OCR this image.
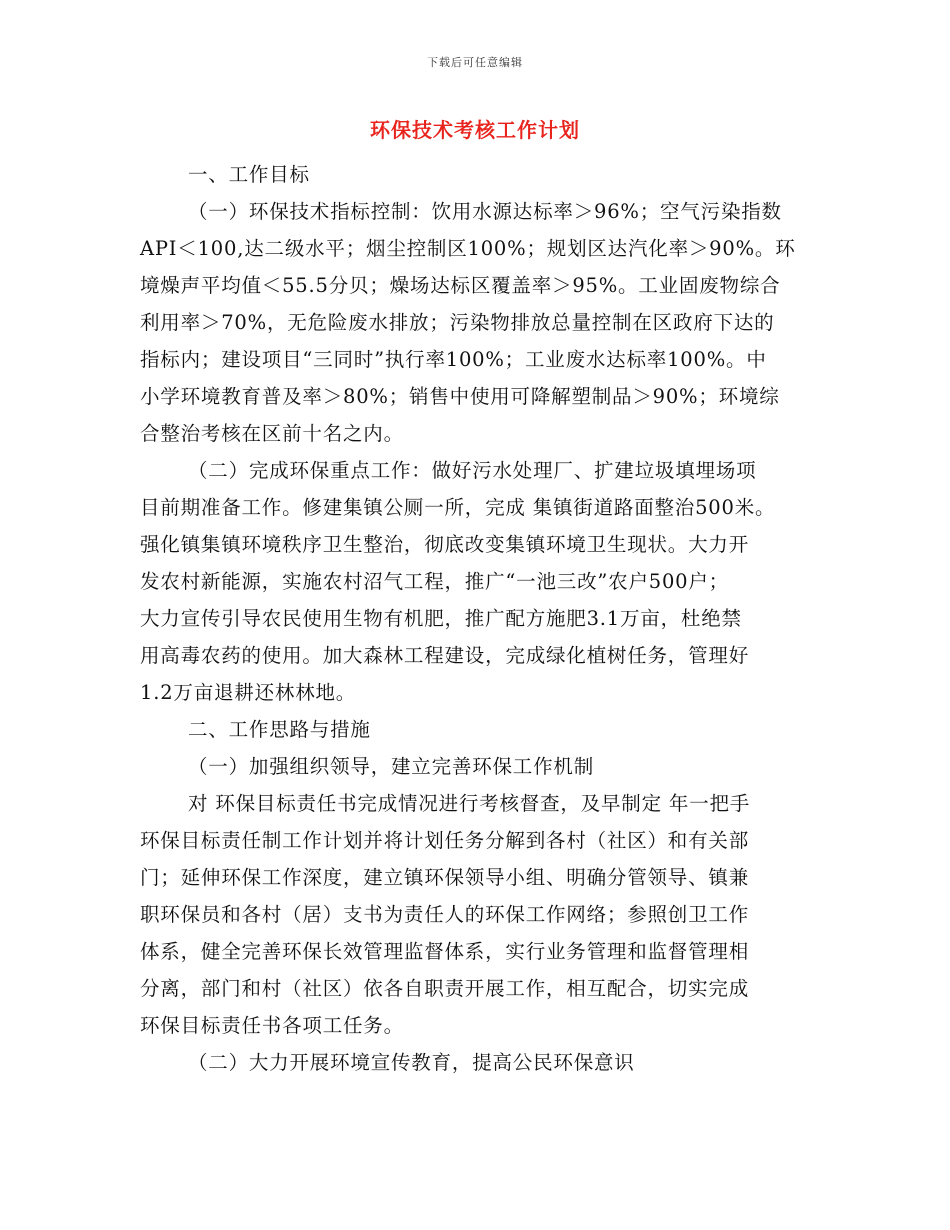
下载后可任意编辑
环保技术考核工作计划
一、工作目标
（一）环保技术指标控制：饮用水源达标率＞96%；空气污染指数
API＜100,达二级水平；烟尘控制区100%；规划区达汽化率＞90%。环
境燥声平均值＜55.5分贝；燥场达标区覆盖率＞95%。工业固废物综合
利用率＞70%，无危险废水排放；污染物排放总量控制在区政府下达的
指标内；建设项目“三同时”执行率100%；工业废水达标率100%。中
小学环境教育普及率＞80%；销售中使用可降解塑制品＞90%；环境综
合整治考核在区前十名之内。
（二）完成环保重点工作：做好污水处理厂、扩建垃圾填埋场项
目前期准备工作。修建集镇公厕一所，完成 集镇街道路面整治500米。
强化镇集镇环境秩序卫生整治，彻底改变集镇环境卫生现状。大力开
发农村新能源，实施农村沼气工程，推广“一池三改”农户500户；
大力宣传引导农民使用生物有机肥，推广配方施肥3.1万亩，杜绝禁
用高毒农药的使用。加大森林工程建设，完成绿化植树任务，管理好
1.2万亩退耕还林林地。
二、工作思路与措施
（一）加强组织领导，建立完善环保工作机制
对 环保目标责任书完成情况进行考核督查，及早制定 年一把手
环保目标责任制工作计划并将计划任务分解到各村（社区）和有关部
门；延伸环保工作深度，建立镇环保领导小组、明确分管领导、镇兼
职环保员和各村（居）支书为责任人的环保工作网络；参照创卫工作
体系，健全完善环保长效管理监督体系，实行业务管理和监督管理相
分离，部门和村（社区）依各自职责开展工作，相互配合，切实完成
环保目标责任书各项工任务。
（二）大力开展环境宣传教育，提高公民环保意识
